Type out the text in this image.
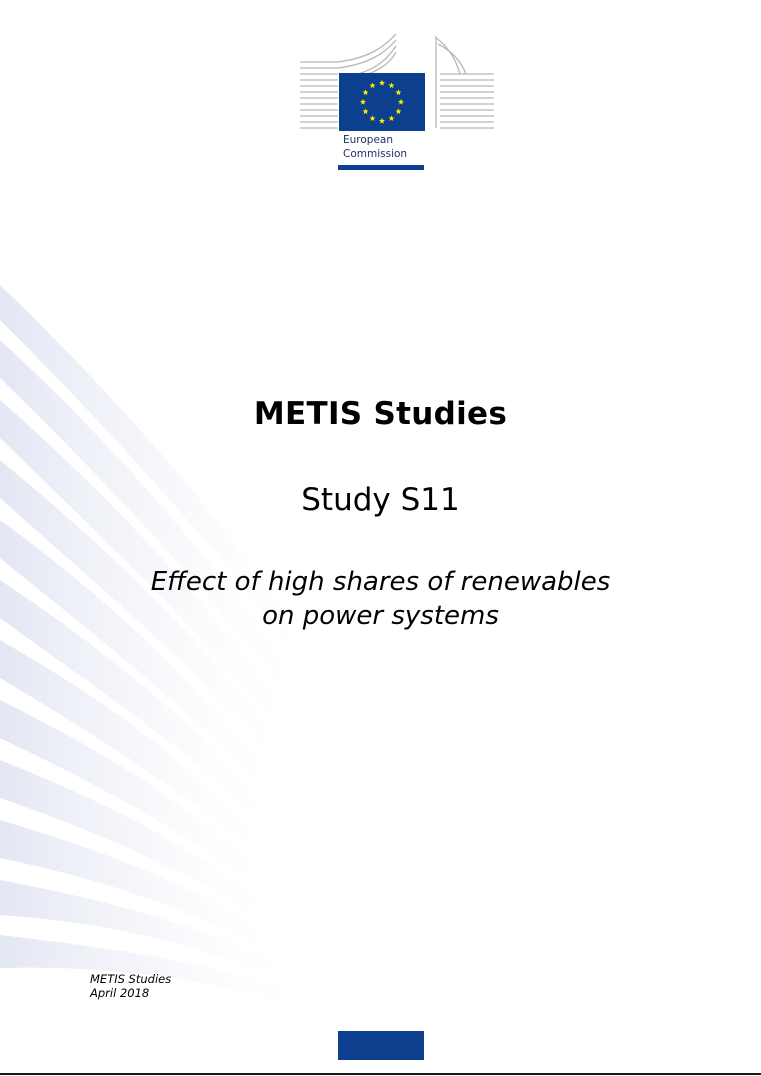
European
Commission
METIS Studies
Study S11
Effect of high shares of renewables
on power systems
METIS Studies
April 2018
